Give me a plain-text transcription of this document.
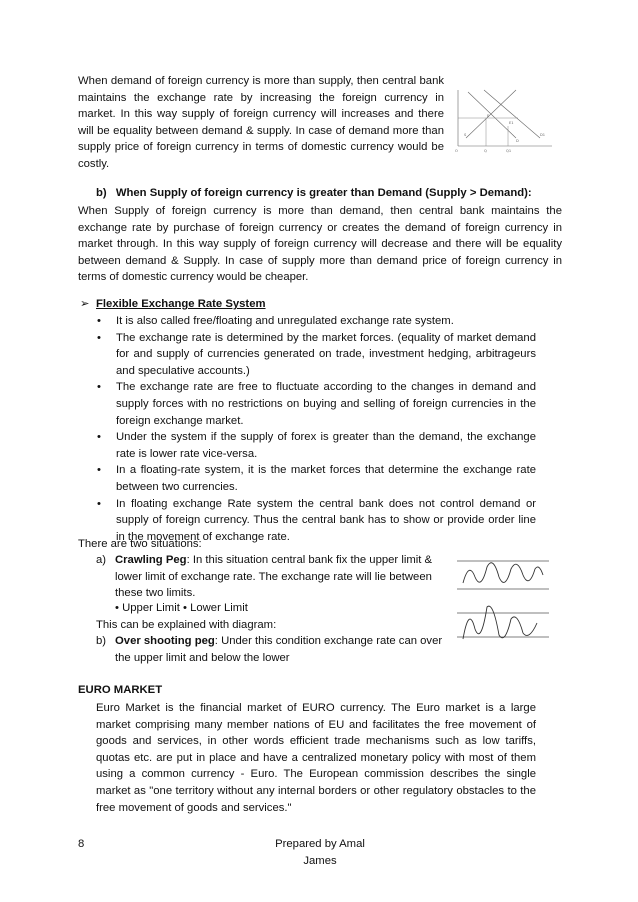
When demand of foreign currency is more than supply, then central bank maintains the exchange rate by increasing the foreign currency in market. In this way supply of foreign currency will increases and there will be equality between demand & supply. In case of demand more than supply price of foreign currency in terms of domestic currency would be costly.

D1
D
S
E
E1
Q	Q1
O
b) When Supply of foreign currency is greater than Demand (Supply > Demand):

When Supply of foreign currency is more than demand, then central bank maintains the exchange rate by purchase of foreign currency or creates the demand of foreign currency in market through. In this way supply of foreign currency will decrease and there will be equality between demand & Supply. In case of supply more than demand price of foreign currency in terms of domestic currency would be cheaper.

➢ Flexible Exchange Rate System
• It is also called free/floating and unregulated exchange rate system.
• The exchange rate is determined by the market forces. (equality of market demand for and supply of currencies generated on trade, investment hedging, arbitrageurs and speculative accounts.)
• The exchange rate are free to fluctuate according to the changes in demand and supply forces with no restrictions on buying and selling of foreign currencies in the foreign exchange market.
• Under the system if the supply of forex is greater than the demand, the exchange rate is lower rate vice-versa.
• In a floating-rate system, it is the market forces that determine the exchange rate between two currencies.
• In floating exchange Rate system the central bank does not control demand or supply of foreign currency. Thus the central bank has to show or provide order line in the movement of exchange rate.
There are two situations:
a) Crawling Peg: In this situation central bank fix the upper limit & lower limit of exchange rate. The exchange rate will lie between these two limits.
• Upper Limit • Lower Limit
This can be explained with diagram:
b) Over shooting peg: Under this condition exchange rate can over the upper limit and below the lower
EURO MARKET

Euro Market is the financial market of EURO currency. The Euro market is a large market comprising many member nations of EU and facilitates the free movement of goods and services, in other words efficient trade mechanisms such as low tariffs, quotas etc. are put in place and have a centralized monetary policy with most of them using a common currency - Euro. The European commission describes the single market as "one territory without any internal borders or other regulatory obstacles to the free movement of goods and services."

8	Prepared by Amal James
